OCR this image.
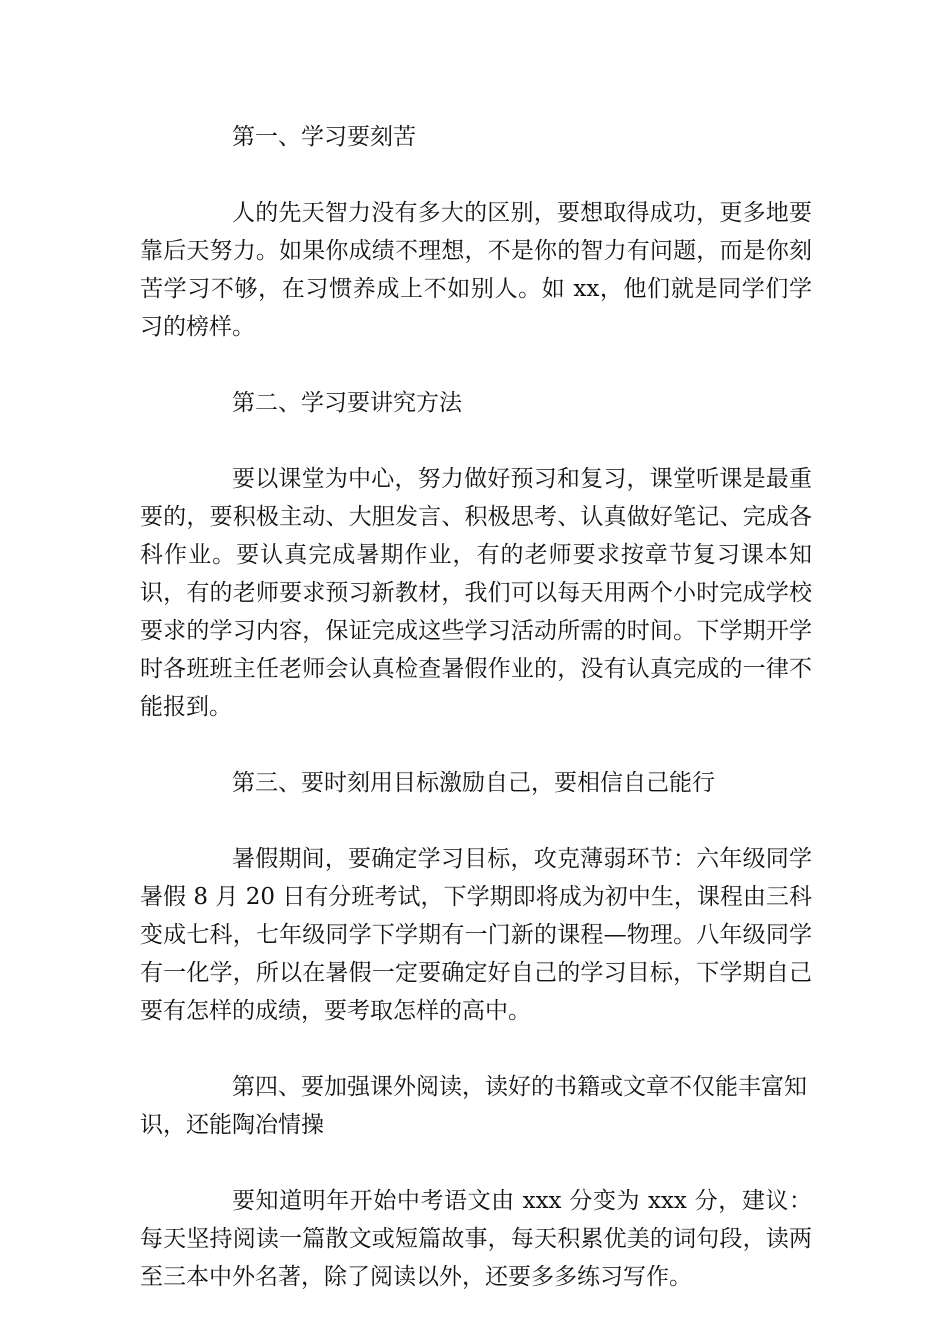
第一、学习要刻苦

人的先天智力没有多大的区别，要想取得成功，更多地要靠后天努力。如果你成绩不理想，不是你的智力有问题，而是你刻苦学习不够，在习惯养成上不如别人。如 xx，他们就是同学们学习的榜样。

第二、学习要讲究方法

要以课堂为中心，努力做好预习和复习，课堂听课是最重要的，要积极主动、大胆发言、积极思考、认真做好笔记、完成各科作业。要认真完成暑期作业，有的老师要求按章节复习课本知识，有的老师要求预习新教材，我们可以每天用两个小时完成学校要求的学习内容，保证完成这些学习活动所需的时间。下学期开学时各班班主任老师会认真检查暑假作业的，没有认真完成的一律不能报到。

第三、要时刻用目标激励自己，要相信自己能行

暑假期间，要确定学习目标，攻克薄弱环节：六年级同学暑假 8 月 20 日有分班考试，下学期即将成为初中生，课程由三科变成七科，七年级同学下学期有一门新的课程—物理。八年级同学有一化学，所以在暑假一定要确定好自己的学习目标，下学期自己要有怎样的成绩，要考取怎样的高中。

第四、要加强课外阅读，读好的书籍或文章不仅能丰富知识，还能陶冶情操

要知道明年开始中考语文由 xxx 分变为 xxx 分，建议：每天坚持阅读一篇散文或短篇故事，每天积累优美的词句段，读两至三本中外名著，除了阅读以外，还要多多练习写作。
